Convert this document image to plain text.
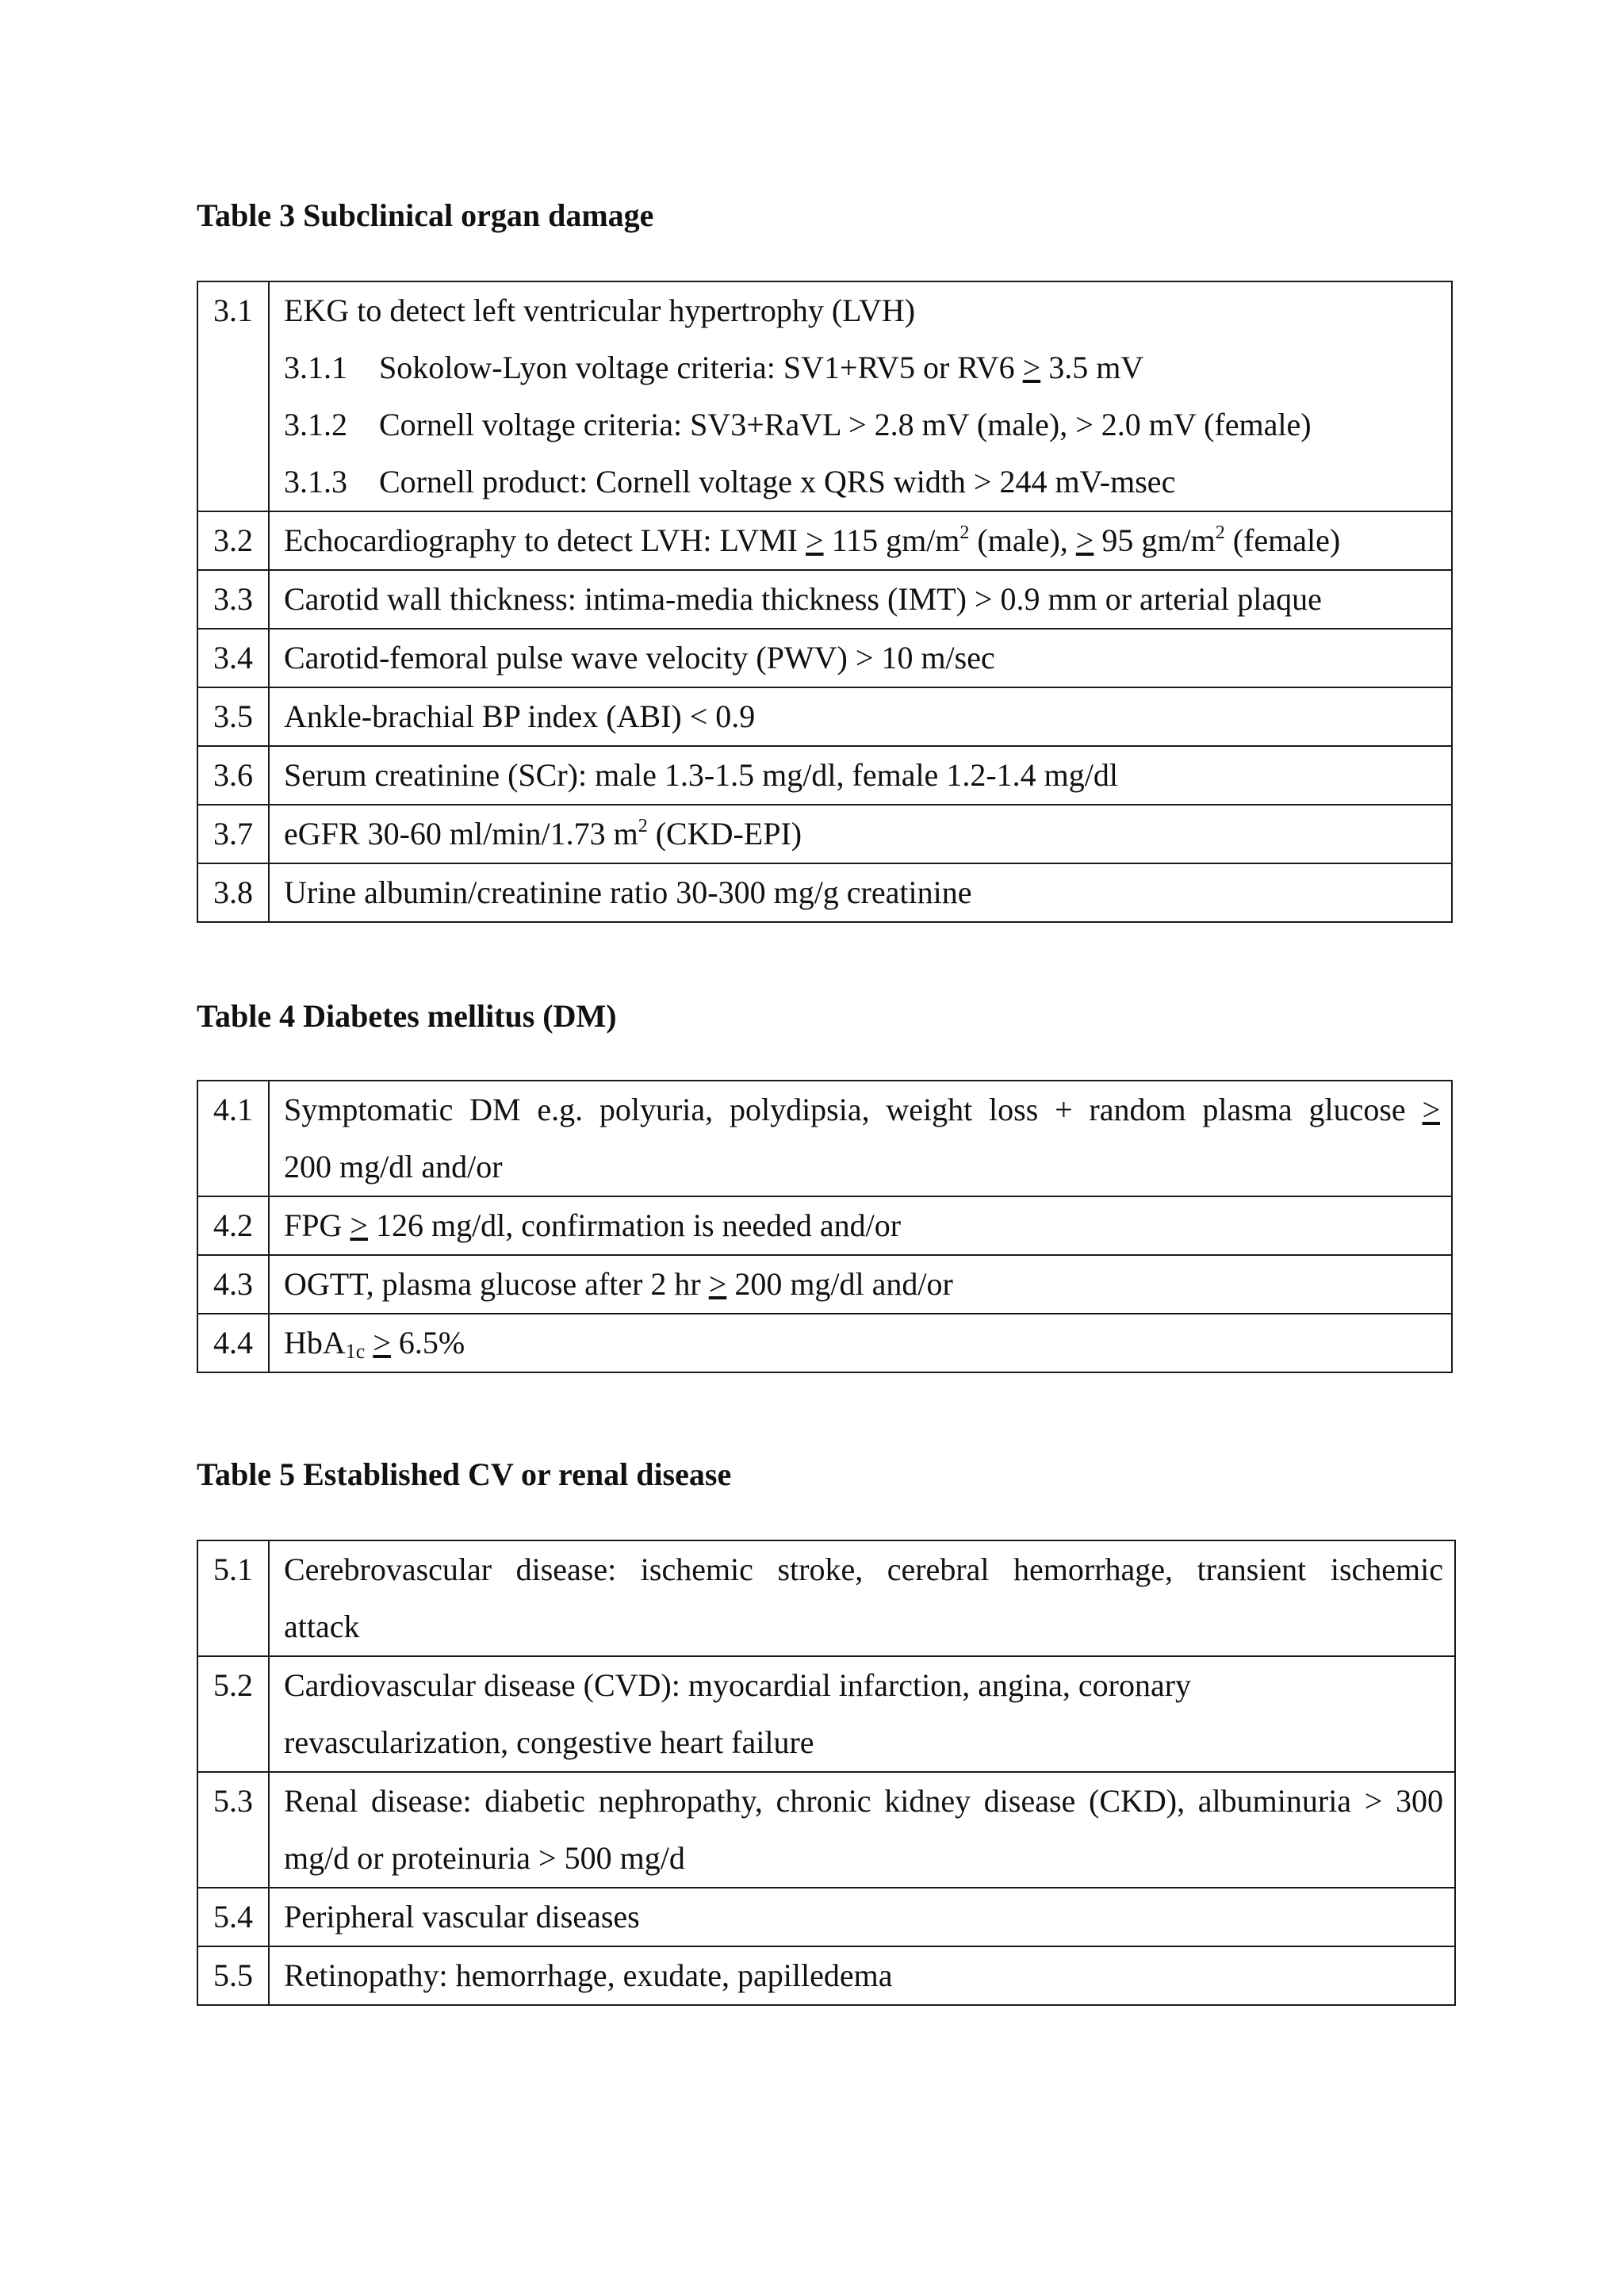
Table 3 Subclinical organ damage
3.1	EKG to detect left ventricular hypertrophy (LVH)
3.1.1 Sokolow-Lyon voltage criteria: SV1+RV5 or RV6 ≥ 3.5 mV
3.1.2 Cornell voltage criteria: SV3+RaVL > 2.8 mV (male), > 2.0 mV (female)
3.1.3 Cornell product: Cornell voltage x QRS width > 244 mV-msec

3.2	Echocardiography to detect LVH: LVMI > 115 $gm/m^2$ (male), > 95 $gm/m^2$ (female)

3.3	Carotid wall thickness: intima-media thickness (IMT) > 0.9 mm or arterial plaque

3.4	Carotid-femoral pulse wave velocity (PWV) > 10 m/sec

3.5	Ankle-brachial BP index (ABI) < 0.9

3.6	Serum creatinine (SCr): male 1.3-1.5 mg/dl, female 1.2-1.4 mg/dl

3.7	eGFR 30-60 ml/min/1.73 $m^2$ (CKD-EPI)

3.8	Urine albumin/creatinine ratio 30-300 mg/g creatinine
Table 4 Diabetes mellitus (DM)
4.1	Symptomatic DM e.g. polyuria, polydipsia, weight loss + random plasma glucose >
200 mg/dl and/or

4.2	FPG ≥ 126 mg/dl, confirmation is needed and/or

4.3	OGTT, plasma glucose after 2 hr ≥ 200 mg/dl and/or

4.4	HbA$_{1c}$ ≥ 6.5%
Table 5 Established CV or renal disease
5.1	Cerebrovascular disease: ischemic stroke, cerebral hemorrhage, transient ischemic
attack

5.2	Cardiovascular disease (CVD): myocardial infarction, angina, coronary
revascularization, congestive heart failure

5.3	Renal disease: diabetic nephropathy, chronic kidney disease (CKD), albuminuria > 300
mg/d or proteinuria > 500 mg/d

5.4	Peripheral vascular diseases

5.5	Retinopathy: hemorrhage, exudate, papilledema
